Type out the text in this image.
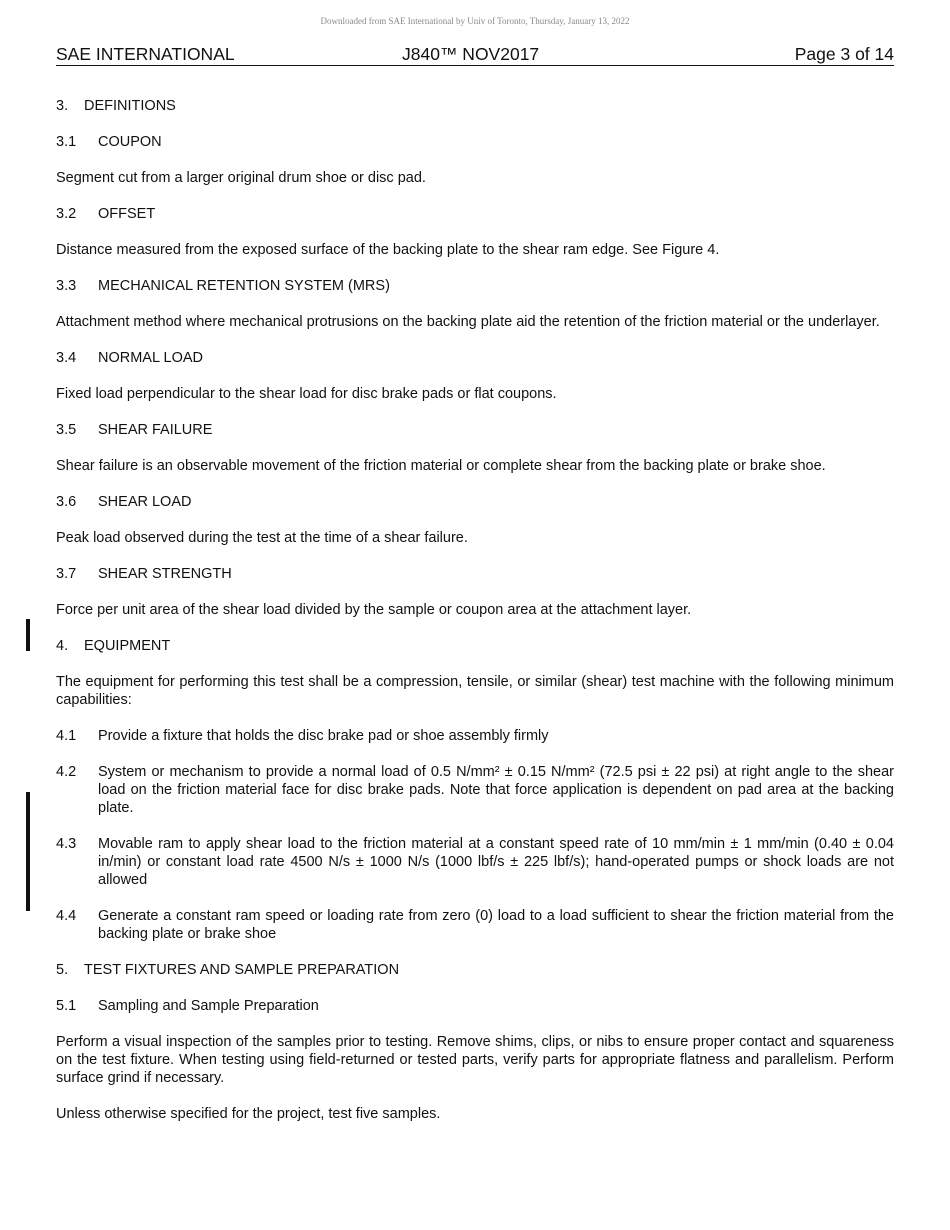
Downloaded from SAE International by Univ of Toronto, Thursday, January 13, 2022
SAE INTERNATIONAL	J840™ NOV2017	Page 3 of 14
3. DEFINITIONS
3.1 COUPON

Segment cut from a larger original drum shoe or disc pad.

3.2 OFFSET

Distance measured from the exposed surface of the backing plate to the shear ram edge. See Figure 4.

3.3 MECHANICAL RETENTION SYSTEM (MRS)

Attachment method where mechanical protrusions on the backing plate aid the retention of the friction material or the underlayer.

3.4 NORMAL LOAD

Fixed load perpendicular to the shear load for disc brake pads or flat coupons.

3.5 SHEAR FAILURE

Shear failure is an observable movement of the friction material or complete shear from the backing plate or brake shoe.

3.6 SHEAR LOAD

Peak load observed during the test at the time of a shear failure.

3.7 SHEAR STRENGTH

Force per unit area of the shear load divided by the sample or coupon area at the attachment layer.

4. EQUIPMENT

The equipment for performing this test shall be a compression, tensile, or similar (shear) test machine with the following minimum capabilities:

4.1	Provide a fixture that holds the disc brake pad or shoe assembly firmly
4.2	System or mechanism to provide a normal load of 0.5 N/mm² ± 0.15 N/mm² (72.5 psi ± 22 psi) at right angle to the shear load on the friction material face for disc brake pads. Note that force application is dependent on pad area at the backing plate.
4.3	Movable ram to apply shear load to the friction material at a constant speed rate of 10 mm/min ± 1 mm/min (0.40 ± 0.04 in/min) or constant load rate 4500 N/s ± 1000 N/s (1000 lbf/s ± 225 lbf/s); hand-operated pumps or shock loads are not allowed
4.4	Generate a constant ram speed or loading rate from zero (0) load to a load sufficient to shear the friction material from the backing plate or brake shoe
5. TEST FIXTURES AND SAMPLE PREPARATION
5.1 Sampling and Sample Preparation

Perform a visual inspection of the samples prior to testing. Remove shims, clips, or nibs to ensure proper contact and squareness on the test fixture. When testing using field-returned or tested parts, verify parts for appropriate flatness and parallelism. Perform surface grind if necessary.

Unless otherwise specified for the project, test five samples.
